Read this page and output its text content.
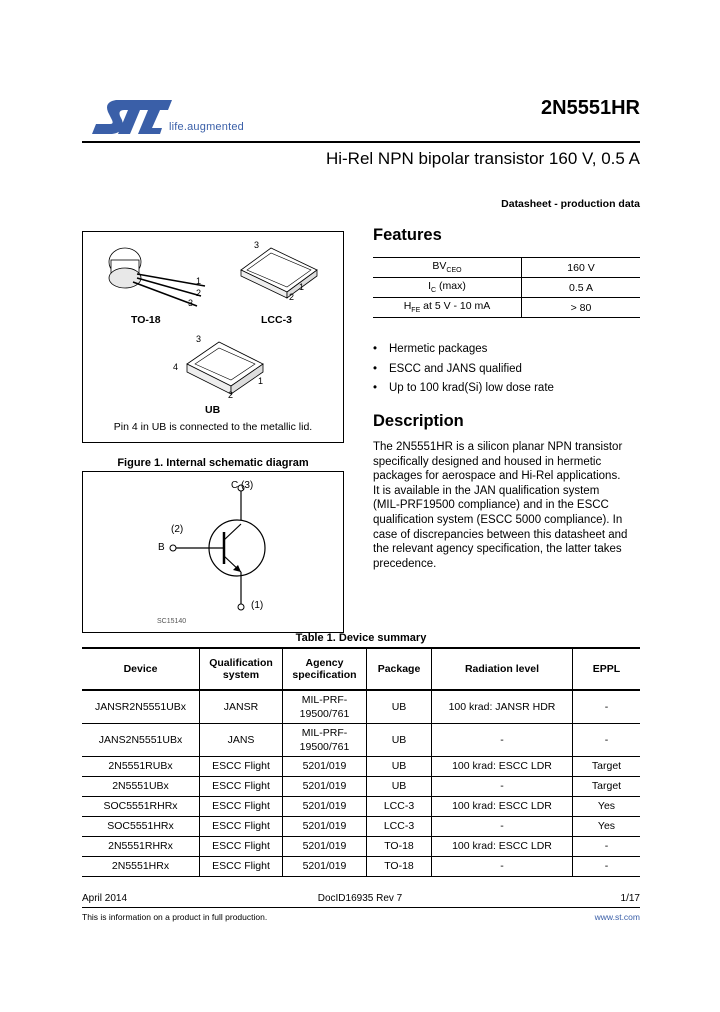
life.augmented
2N5551HR
Hi-Rel NPN bipolar transistor 160 V, 0.5 A
Datasheet - production data
1
2
3
TO-18
3
1
2
LCC-3
3
4
1
2
UB
Pin 4 in UB is connected to the metallic lid.
Figure 1. Internal schematic diagram
C (3)
(2)
B
(1)
SC15140
Features
$BV_{CEO}$	160 V
$I_C$ (max)	0.5 A
$H_{FE}$ at 5 V - 10 mA	> 80
• Hermetic packages
• ESCC and JANS qualified
• Up to 100 krad(Si) low dose rate
Description
The 2N5551HR is a silicon planar NPN transistor
specifically designed and housed in hermetic
packages for aerospace and Hi-Rel applications.
It is available in the JAN qualification system
(MIL-PRF19500 compliance) and in the ESCC
qualification system (ESCC 5000 compliance). In
case of discrepancies between this datasheet and
the relevant agency specification, the latter takes
precedence.
Table 1. Device summary
Device	Qualification system	Agency specification	Package	Radiation level	EPPL
JANSR2N5551UBx	JANSR	MIL-PRF-19500/761	UB	100 krad: JANSR HDR	-
JANS2N5551UBx	JANS	MIL-PRF-19500/761	UB	-	-
2N5551RUBx	ESCC Flight	5201/019	UB	100 krad: ESCC LDR	Target
2N5551UBx	ESCC Flight	5201/019	UB	-	Target
SOC5551RHRx	ESCC Flight	5201/019	LCC-3	100 krad: ESCC LDR	Yes
SOC5551HRx	ESCC Flight	5201/019	LCC-3	-	Yes
2N5551RHRx	ESCC Flight	5201/019	TO-18	100 krad: ESCC LDR	-
2N5551HRx	ESCC Flight	5201/019	TO-18	-	-
April 2014	DocID16935 Rev 7	1/17
This is information on a product in full production.	www.st.com
